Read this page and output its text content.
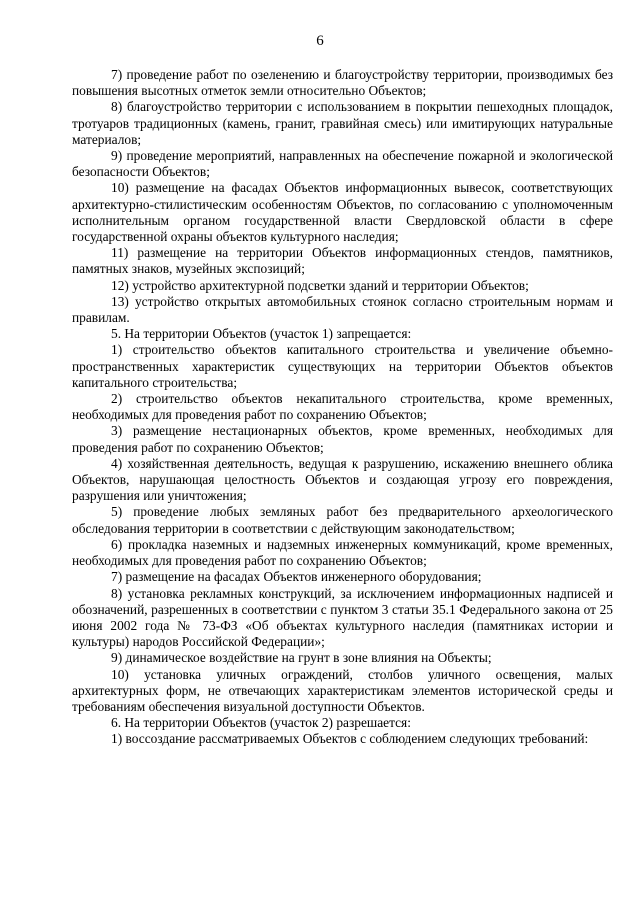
6

7) проведение работ по озеленению и благоустройству территории, производимых без повышения высотных отметок земли относительно Объектов;

8) благоустройство территории с использованием в покрытии пешеходных площадок, тротуаров традиционных (камень, гранит, гравийная смесь) или имитирующих натуральные материалов;

9) проведение мероприятий, направленных на обеспечение пожарной и экологической безопасности Объектов;

10) размещение на фасадах Объектов информационных вывесок, соответствующих архитектурно-стилистическим особенностям Объектов, по согласованию с уполномоченным исполнительным органом государственной власти Свердловской области в сфере государственной охраны объектов культурного наследия;

11) размещение на территории Объектов информационных стендов, памятников, памятных знаков, музейных экспозиций;

12) устройство архитектурной подсветки зданий и территории Объектов;

13) устройство открытых автомобильных стоянок согласно строительным нормам и правилам.

5. На территории Объектов (участок 1) запрещается:

1) строительство объектов капитального строительства и увеличение объемно-пространственных характеристик существующих на территории Объектов объектов капитального строительства;

2) строительство объектов некапитального строительства, кроме временных, необходимых для проведения работ по сохранению Объектов;

3) размещение нестационарных объектов, кроме временных, необходимых для проведения работ по сохранению Объектов;

4) хозяйственная деятельность, ведущая к разрушению, искажению внешнего облика Объектов, нарушающая целостность Объектов и создающая угрозу его повреждения, разрушения или уничтожения;

5) проведение любых земляных работ без предварительного археологического обследования территории в соответствии с действующим законодательством;

6) прокладка наземных и надземных инженерных коммуникаций, кроме временных, необходимых для проведения работ по сохранению Объектов;

7) размещение на фасадах Объектов инженерного оборудования;

8) установка рекламных конструкций, за исключением информационных надписей и обозначений, разрешенных в соответствии с пунктом 3 статьи 35.1 Федерального закона от 25 июня 2002 года № 73-ФЗ «Об объектах культурного наследия (памятниках истории и культуры) народов Российской Федерации»;

9) динамическое воздействие на грунт в зоне влияния на Объекты;

10) установка уличных ограждений, столбов уличного освещения, малых архитектурных форм, не отвечающих характеристикам элементов исторической среды и требованиям обеспечения визуальной доступности Объектов.

6. На территории Объектов (участок 2) разрешается:

1) воссоздание рассматриваемых Объектов с соблюдением следующих требований:
